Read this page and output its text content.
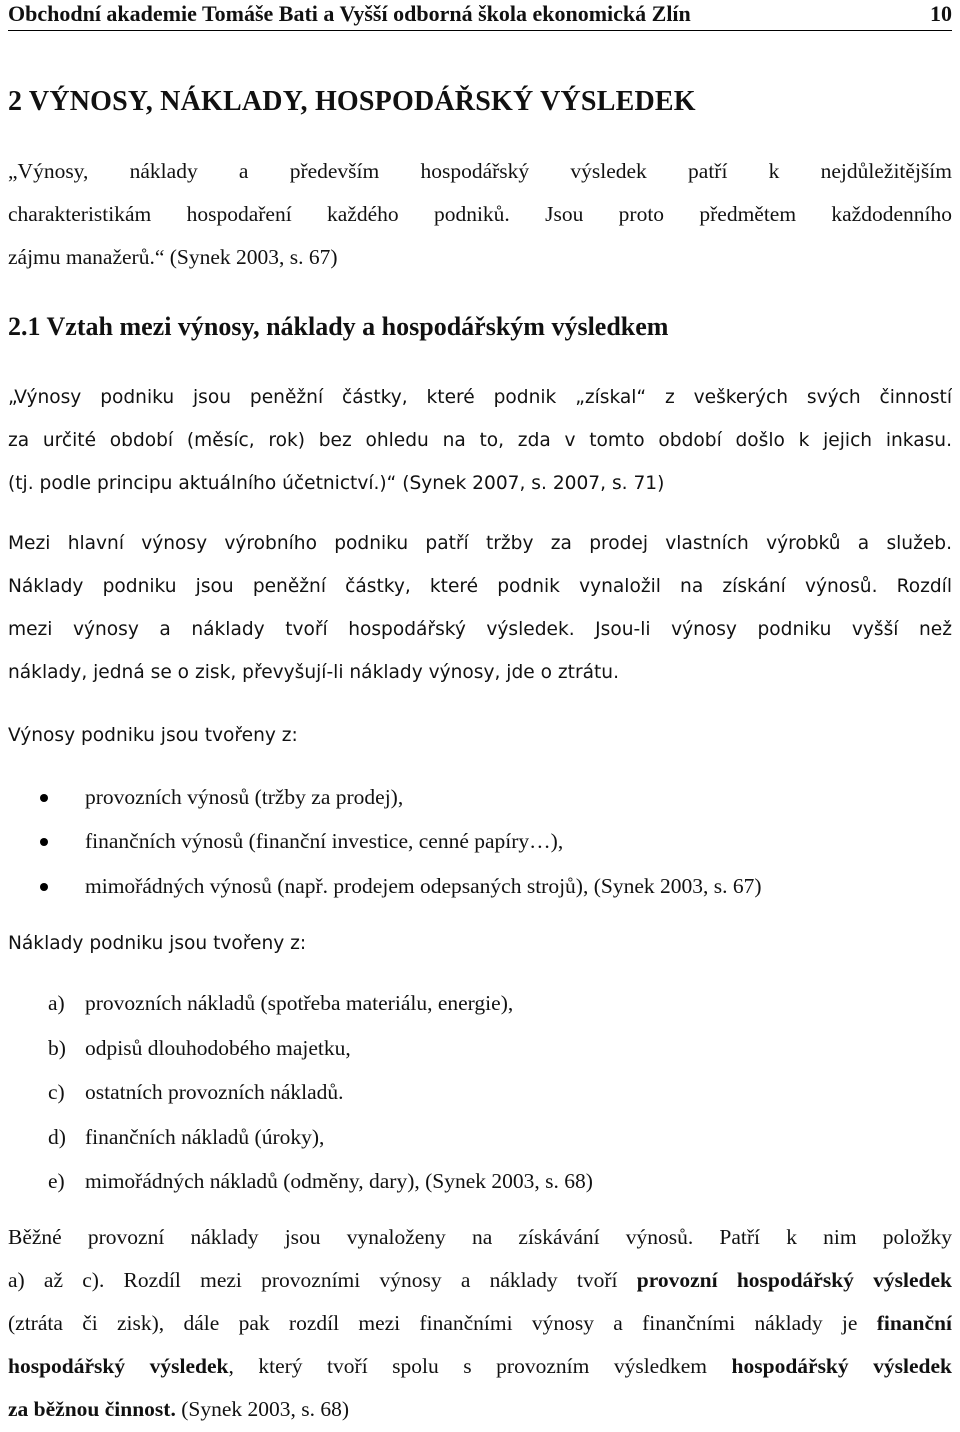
Obchodní akademie Tomáše Bati a Vyšší odborná škola ekonomická Zlín	10
2 VÝNOSY, NÁKLADY, HOSPODÁŘSKÝ VÝSLEDEK
„Výnosy, náklady a především hospodářský výsledek patří k nejdůležitějším
charakteristikám hospodaření každého podniků. Jsou proto předmětem každodenního
zájmu manažerů.“ (Synek 2003, s. 67)
2.1 Vztah mezi výnosy, náklady a hospodářským výsledkem
„Výnosy podniku jsou peněžní částky, které podnik „získal“ z veškerých svých činností
za určité období (měsíc, rok) bez ohledu na to, zda v tomto období došlo k jejich inkasu.
(tj. podle principu aktuálního účetnictví.)“ (Synek 2007, s. 2007, s. 71)
Mezi hlavní výnosy výrobního podniku patří tržby za prodej vlastních výrobků a služeb.
Náklady podniku jsou peněžní částky, které podnik vynaložil na získání výnosů. Rozdíl
mezi výnosy a náklady tvoří hospodářský výsledek. Jsou-li výnosy podniku vyšší než
náklady, jedná se o zisk, převyšují-li náklady výnosy, jde o ztrátu.
Výnosy podniku jsou tvořeny z:
provozních výnosů (tržby za prodej),
finančních výnosů (finanční investice, cenné papíry…),
mimořádných výnosů (např. prodejem odepsaných strojů), (Synek 2003, s. 67)
Náklady podniku jsou tvořeny z:
a) provozních nákladů (spotřeba materiálu, energie),
b) odpisů dlouhodobého majetku,
c) ostatních provozních nákladů.
d) finančních nákladů (úroky),
e) mimořádných nákladů (odměny, dary), (Synek 2003, s. 68)
Běžné provozní náklady jsou vynaloženy na získávání výnosů. Patří k nim položky
a) až c). Rozdíl mezi provozními výnosy a náklady tvoří provozní hospodářský výsledek
(ztráta či zisk), dále pak rozdíl mezi finančními výnosy a finančními náklady je finanční
hospodářský výsledek, který tvoří spolu s provozním výsledkem hospodářský výsledek
za běžnou činnost. (Synek 2003, s. 68)
